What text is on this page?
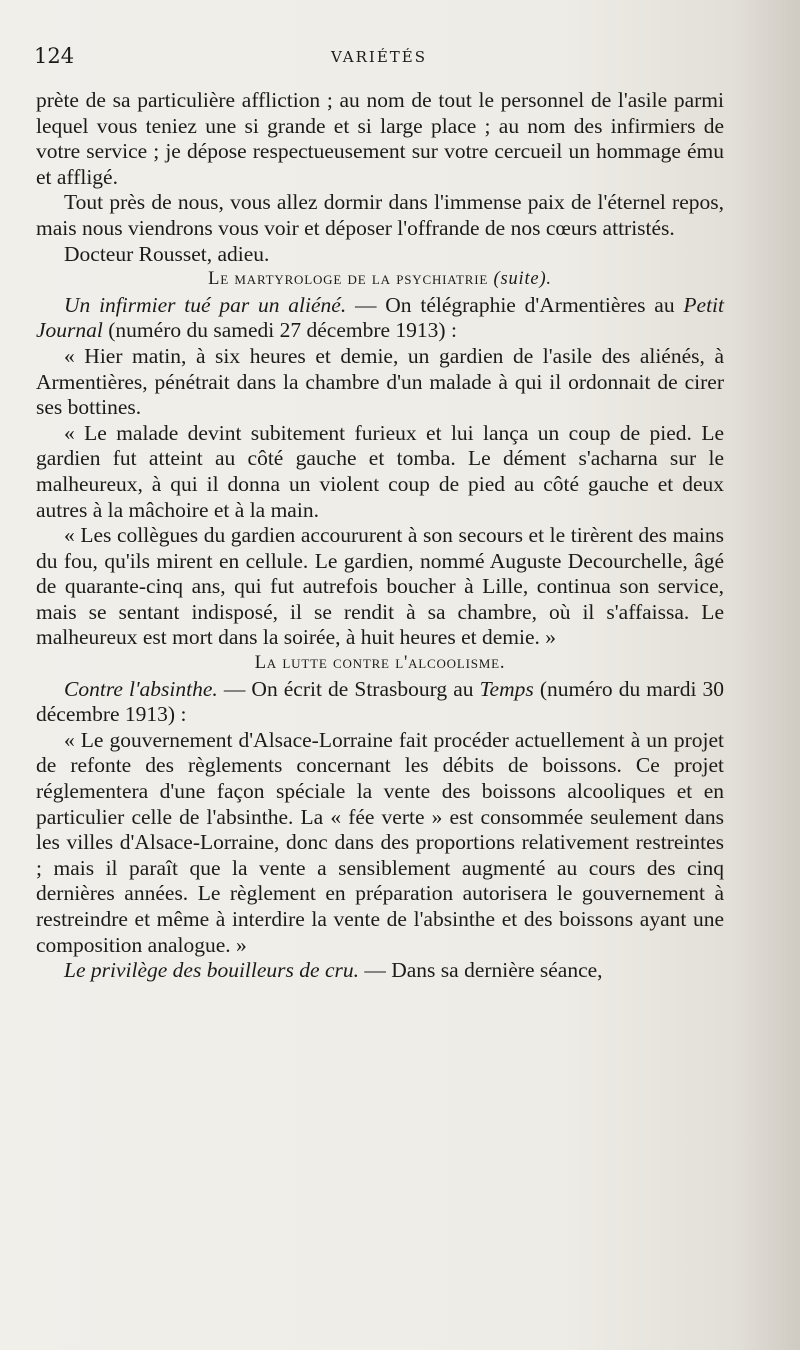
124	VARIÉTÉS

prète de sa particulière affliction ; au nom de tout le personnel de l'asile parmi lequel vous teniez une si grande et si large place ; au nom des infirmiers de votre service ; je dépose respectueusement sur votre cercueil un hommage ému et affligé.

Tout près de nous, vous allez dormir dans l'immense paix de l'éternel repos, mais nous viendrons vous voir et déposer l'offrande de nos cœurs attristés.

Docteur Rousset, adieu.

Le martyrologe de la psychiatrie (suite).

Un infirmier tué par un aliéné. — On télégraphie d'Armentières au Petit Journal (numéro du samedi 27 décembre 1913) :

« Hier matin, à six heures et demie, un gardien de l'asile des aliénés, à Armentières, pénétrait dans la chambre d'un malade à qui il ordonnait de cirer ses bottines.

« Le malade devint subitement furieux et lui lança un coup de pied. Le gardien fut atteint au côté gauche et tomba. Le dément s'acharna sur le malheureux, à qui il donna un violent coup de pied au côté gauche et deux autres à la mâchoire et à la main.

« Les collègues du gardien accoururent à son secours et le tirèrent des mains du fou, qu'ils mirent en cellule. Le gardien, nommé Auguste Decourchelle, âgé de quarante-cinq ans, qui fut autrefois boucher à Lille, continua son service, mais se sentant indisposé, il se rendit à sa chambre, où il s'affaissa. Le malheureux est mort dans la soirée, à huit heures et demie. »

La lutte contre l'alcoolisme.

Contre l'absinthe. — On écrit de Strasbourg au Temps (numéro du mardi 30 décembre 1913) :

« Le gouvernement d'Alsace-Lorraine fait procéder actuellement à un projet de refonte des règlements concernant les débits de boissons. Ce projet réglementera d'une façon spéciale la vente des boissons alcooliques et en particulier celle de l'absinthe. La « fée verte » est consommée seulement dans les villes d'Alsace-Lorraine, donc dans des proportions relativement restreintes ; mais il paraît que la vente a sensiblement augmenté au cours des cinq dernières années. Le règlement en préparation autorisera le gouvernement à restreindre et même à interdire la vente de l'absinthe et des boissons ayant une composition analogue. »

Le privilège des bouilleurs de cru. — Dans sa dernière séance,
